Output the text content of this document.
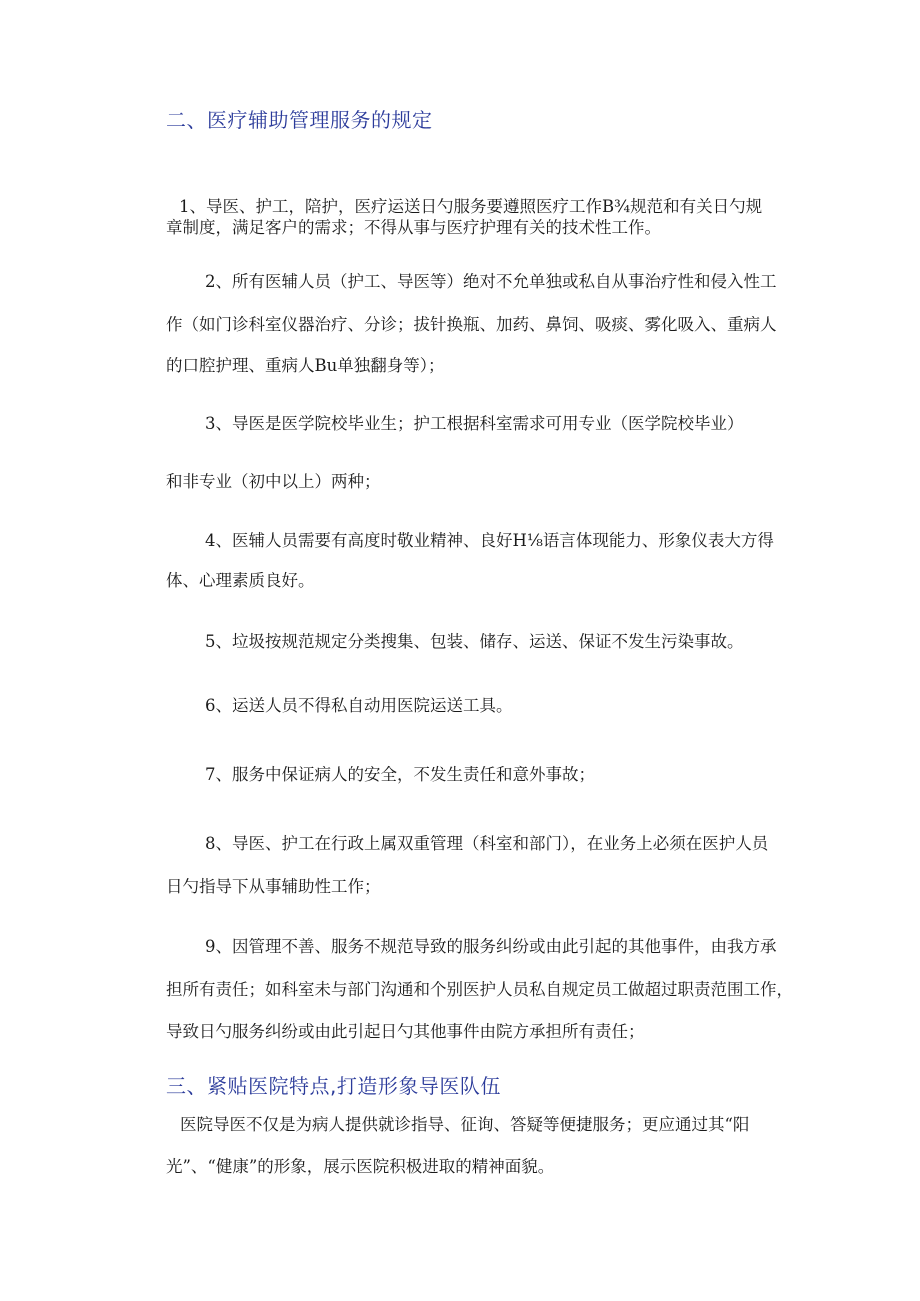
二、医疗辅助管理服务的规定
1、导医、护工，陪护，医疗运送日勺服务要遵照医疗工作B¾规范和有关日勺规
章制度，满足客户的需求；不得从事与医疗护理有关的技术性工作。
2、所有医辅人员（护工、导医等）绝对不允单独或私自从事治疗性和侵入性工
作（如门诊科室仪器治疗、分诊；拔针换瓶、加药、鼻饲、吸痰、雾化吸入、重病人
的口腔护理、重病人Bu单独翻身等）；
3、导医是医学院校毕业生；护工根据科室需求可用专业（医学院校毕业）
和非专业（初中以上）两种；
4、医辅人员需要有高度时敬业精神、良好H⅛语言体现能力、形象仪表大方得
体、心理素质良好。
5、垃圾按规范规定分类搜集、包装、储存、运送、保证不发生污染事故。
6、运送人员不得私自动用医院运送工具。
7、服务中保证病人的安全，不发生责任和意外事故；
8、导医、护工在行政上属双重管理（科室和部门），在业务上必须在医护人员
日勺指导下从事辅助性工作；
9、因管理不善、服务不规范导致的服务纠纷或由此引起的其他事件，由我方承
担所有责任；如科室未与部门沟通和个别医护人员私自规定员工做超过职责范围工作，
导致日勺服务纠纷或由此引起日勺其他事件由院方承担所有责任；
三、紧贴医院特点,打造形象导医队伍
医院导医不仅是为病人提供就诊指导、征询、答疑等便捷服务；更应通过其“阳
光”、“健康”的形象，展示医院积极进取的精神面貌。
